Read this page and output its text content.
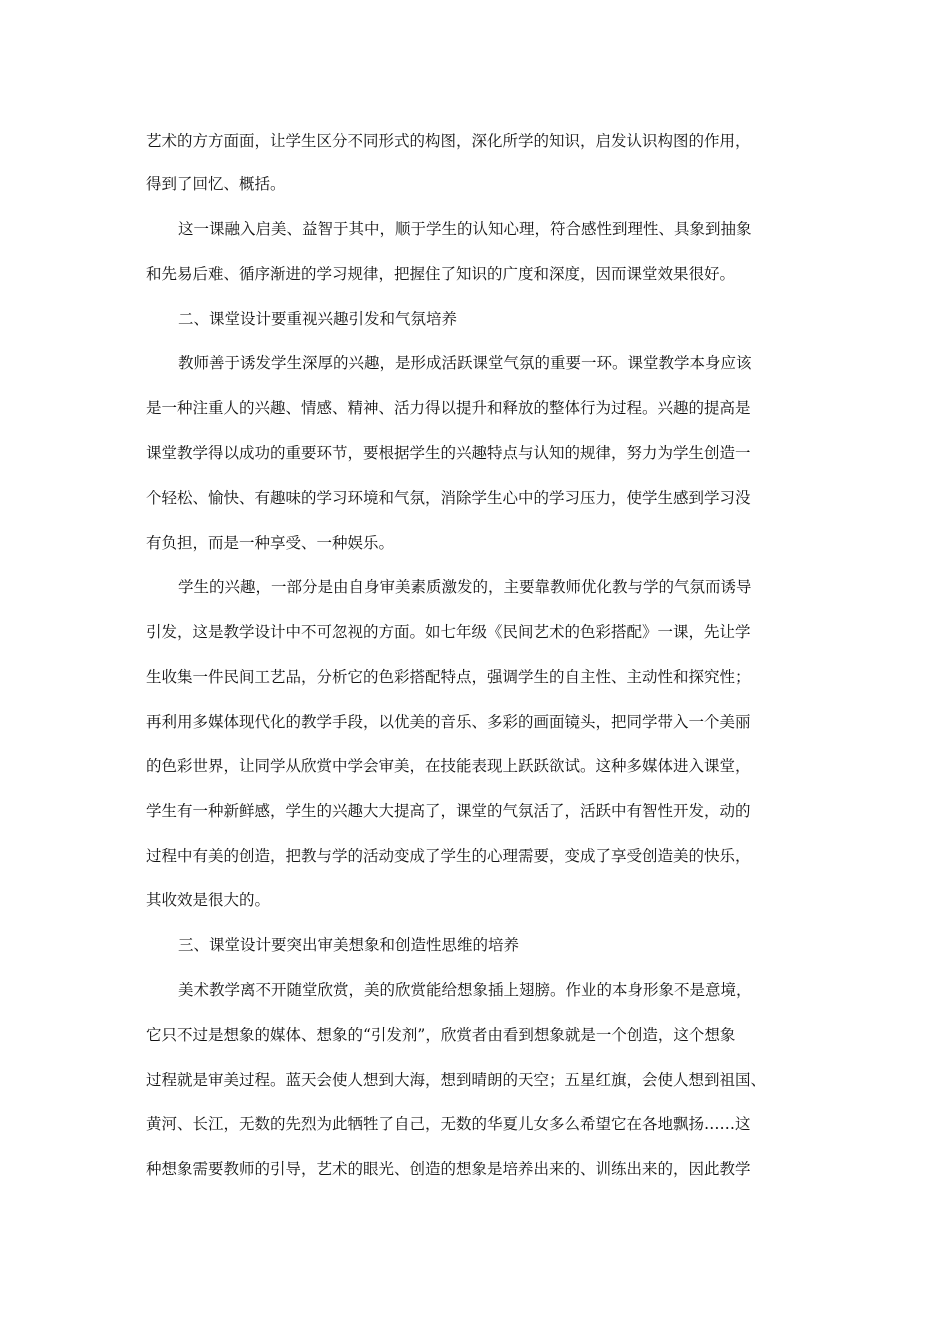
艺术的方方面面，让学生区分不同形式的构图，深化所学的知识，启发认识构图的作用，
得到了回忆、概括。
这一课融入启美、益智于其中，顺于学生的认知心理，符合感性到理性、具象到抽象
和先易后难、循序渐进的学习规律，把握住了知识的广度和深度，因而课堂效果很好。
二、课堂设计要重视兴趣引发和气氛培养
教师善于诱发学生深厚的兴趣，是形成活跃课堂气氛的重要一环。课堂教学本身应该
是一种注重人的兴趣、情感、精神、活力得以提升和释放的整体行为过程。兴趣的提高是
课堂教学得以成功的重要环节，要根据学生的兴趣特点与认知的规律，努力为学生创造一
个轻松、愉快、有趣味的学习环境和气氛，消除学生心中的学习压力，使学生感到学习没
有负担，而是一种享受、一种娱乐。
学生的兴趣，一部分是由自身审美素质激发的，主要靠教师优化教与学的气氛而诱导
引发，这是教学设计中不可忽视的方面。如七年级《民间艺术的色彩搭配》一课，先让学
生收集一件民间工艺品，分析它的色彩搭配特点，强调学生的自主性、主动性和探究性；
再利用多媒体现代化的教学手段，以优美的音乐、多彩的画面镜头，把同学带入一个美丽
的色彩世界，让同学从欣赏中学会审美，在技能表现上跃跃欲试。这种多媒体进入课堂，
学生有一种新鲜感，学生的兴趣大大提高了，课堂的气氛活了，活跃中有智性开发，动的
过程中有美的创造，把教与学的活动变成了学生的心理需要，变成了享受创造美的快乐，
其收效是很大的。
三、课堂设计要突出审美想象和创造性思维的培养
美术教学离不开随堂欣赏，美的欣赏能给想象插上翅膀。作业的本身形象不是意境，
它只不过是想象的媒体、想象的“引发剂”，欣赏者由看到想象就是一个创造，这个想象
过程就是审美过程。蓝天会使人想到大海，想到晴朗的天空；五星红旗，会使人想到祖国、
黄河、长江，无数的先烈为此牺牲了自己，无数的华夏儿女多么希望它在各地飘扬……这
种想象需要教师的引导，艺术的眼光、创造的想象是培养出来的、训练出来的，因此教学
